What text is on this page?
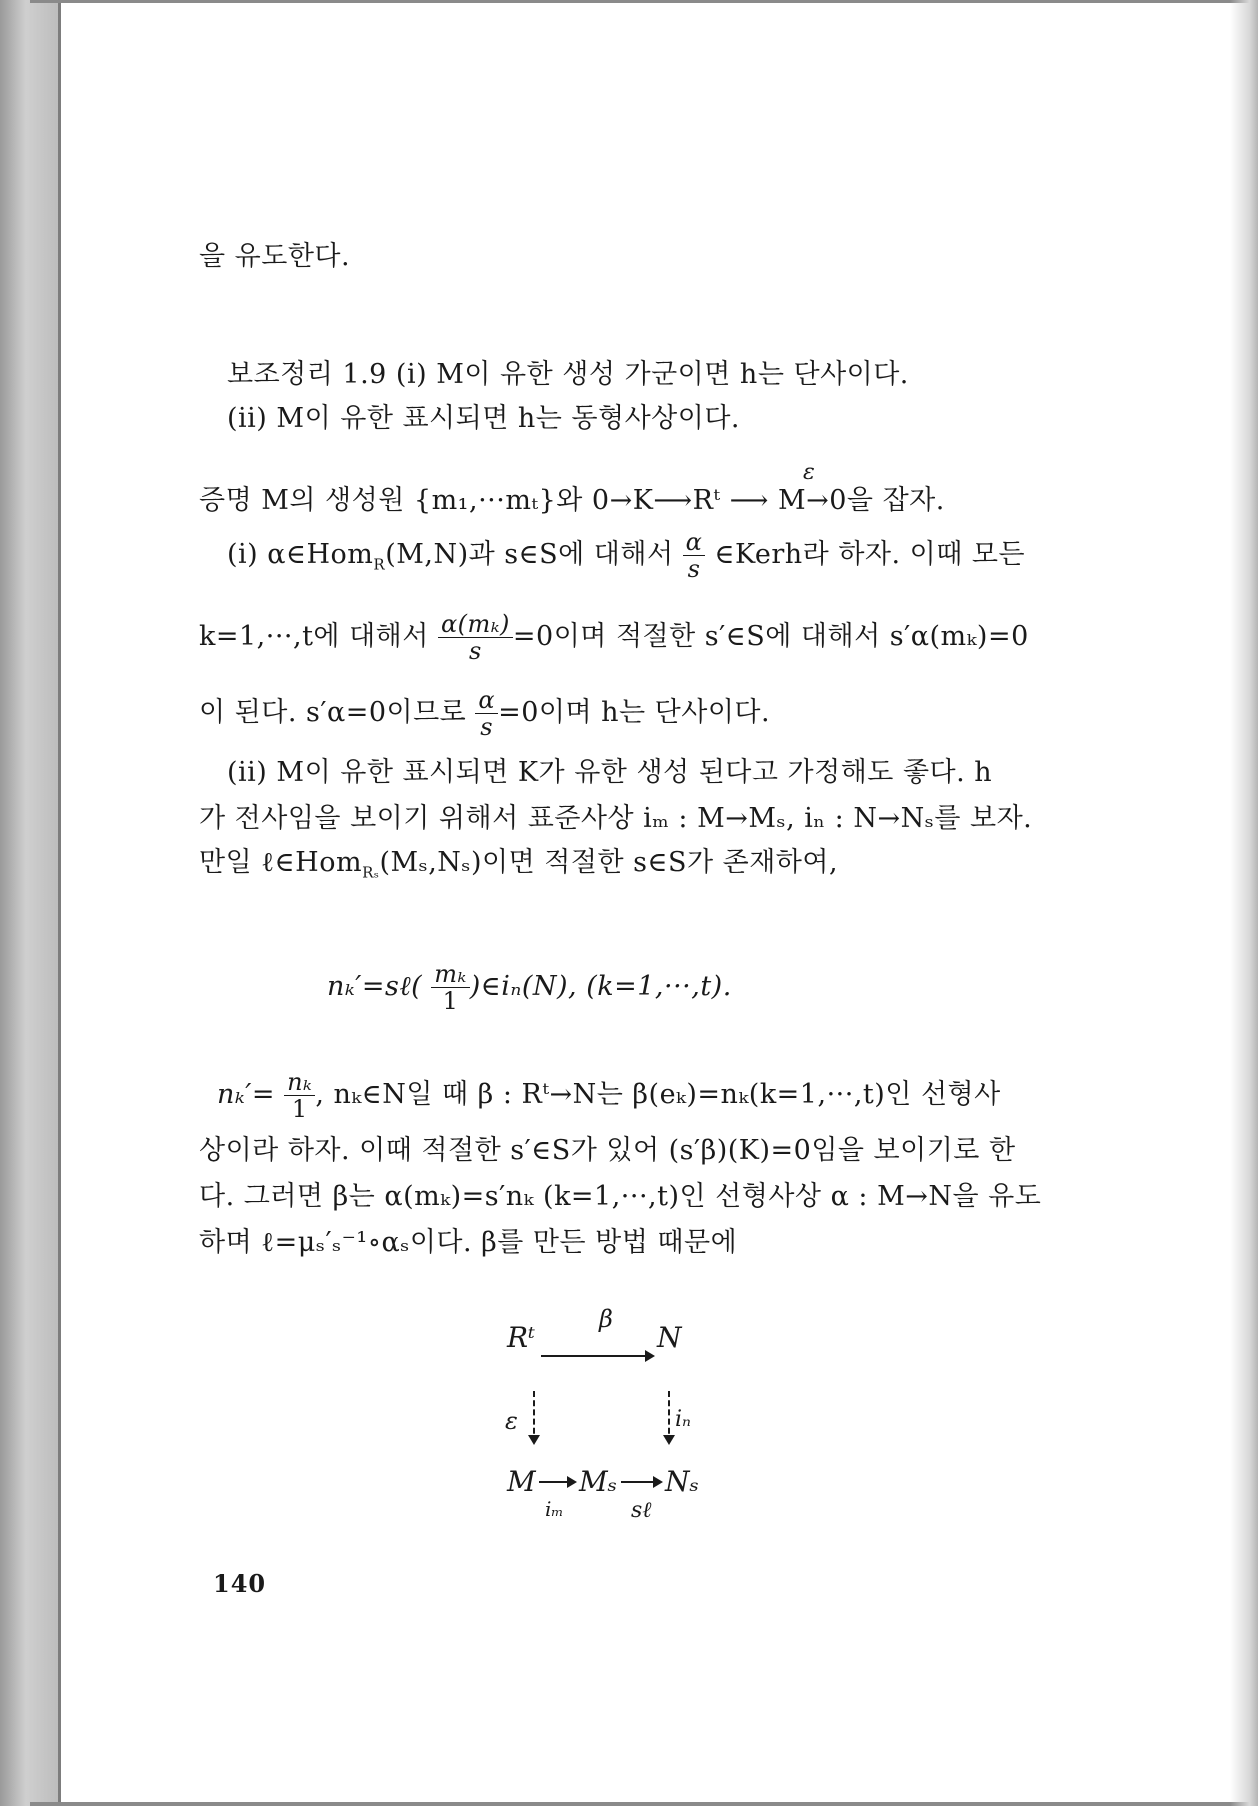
을 유도한다.
보조정리 1.9 (i) M이 유한 생성 가군이면 h는 단사이다.
(ii) M이 유한 표시되면 h는 동형사상이다.
증명 M의 생성원 {m₁,···mₜ}와 0→K⟶Rᵗ ⟶ M→0을 잡자.
ε
(i) α∈Hom$_R$(M,N)과 s∈S에 대해서 $\frac{\alpha}{s}$ ∈Kerh라 하자. 이때 모든
k=1,···,t에 대해서 $\frac{\text{α(mₖ)}}{s} =0$이며 적절한 s′∈S에 대해서 s′α(mₖ)=0
이 된다. s′α=0이므로 $\frac{\alpha}{s} =0$이며 h는 단사이다.
(ii) M이 유한 표시되면 K가 유한 생성 된다고 가정해도 좋다. h
가 전사임을 보이기 위해서 표준사상 iₘ : M→Mₛ, iₙ : N→Nₛ를 보자.
만일 ℓ∈Hom$_{R_s}$(Mₛ,Nₛ)이면 적절한 s∈S가 존재하여,
nₖ′=sℓ( $\frac{\text{mₖ}}{1}$ )∈iₙ(N), (k=1,···,t).
$n_k'= \frac{\text{nₖ}}{1}$ , nₖ∈N일 때 β : Rᵗ→N는 β(eₖ)=nₖ(k=1,···,t)인 선형사
상이라 하자. 이때 적절한 s′∈S가 있어 (s′β)(K)=0임을 보이기로 한
다. 그러면 β는 α(mₖ)=s′nₖ (k=1,···,t)인 선형사상 α : M→N을 유도
하며 ℓ=μₛ′ₛ⁻¹∘αₛ이다. β를 만든 방법 때문에
Rᵗ
β
N
ε	iₙ
M Mₛ Nₛ
iₘ	sℓ
140
